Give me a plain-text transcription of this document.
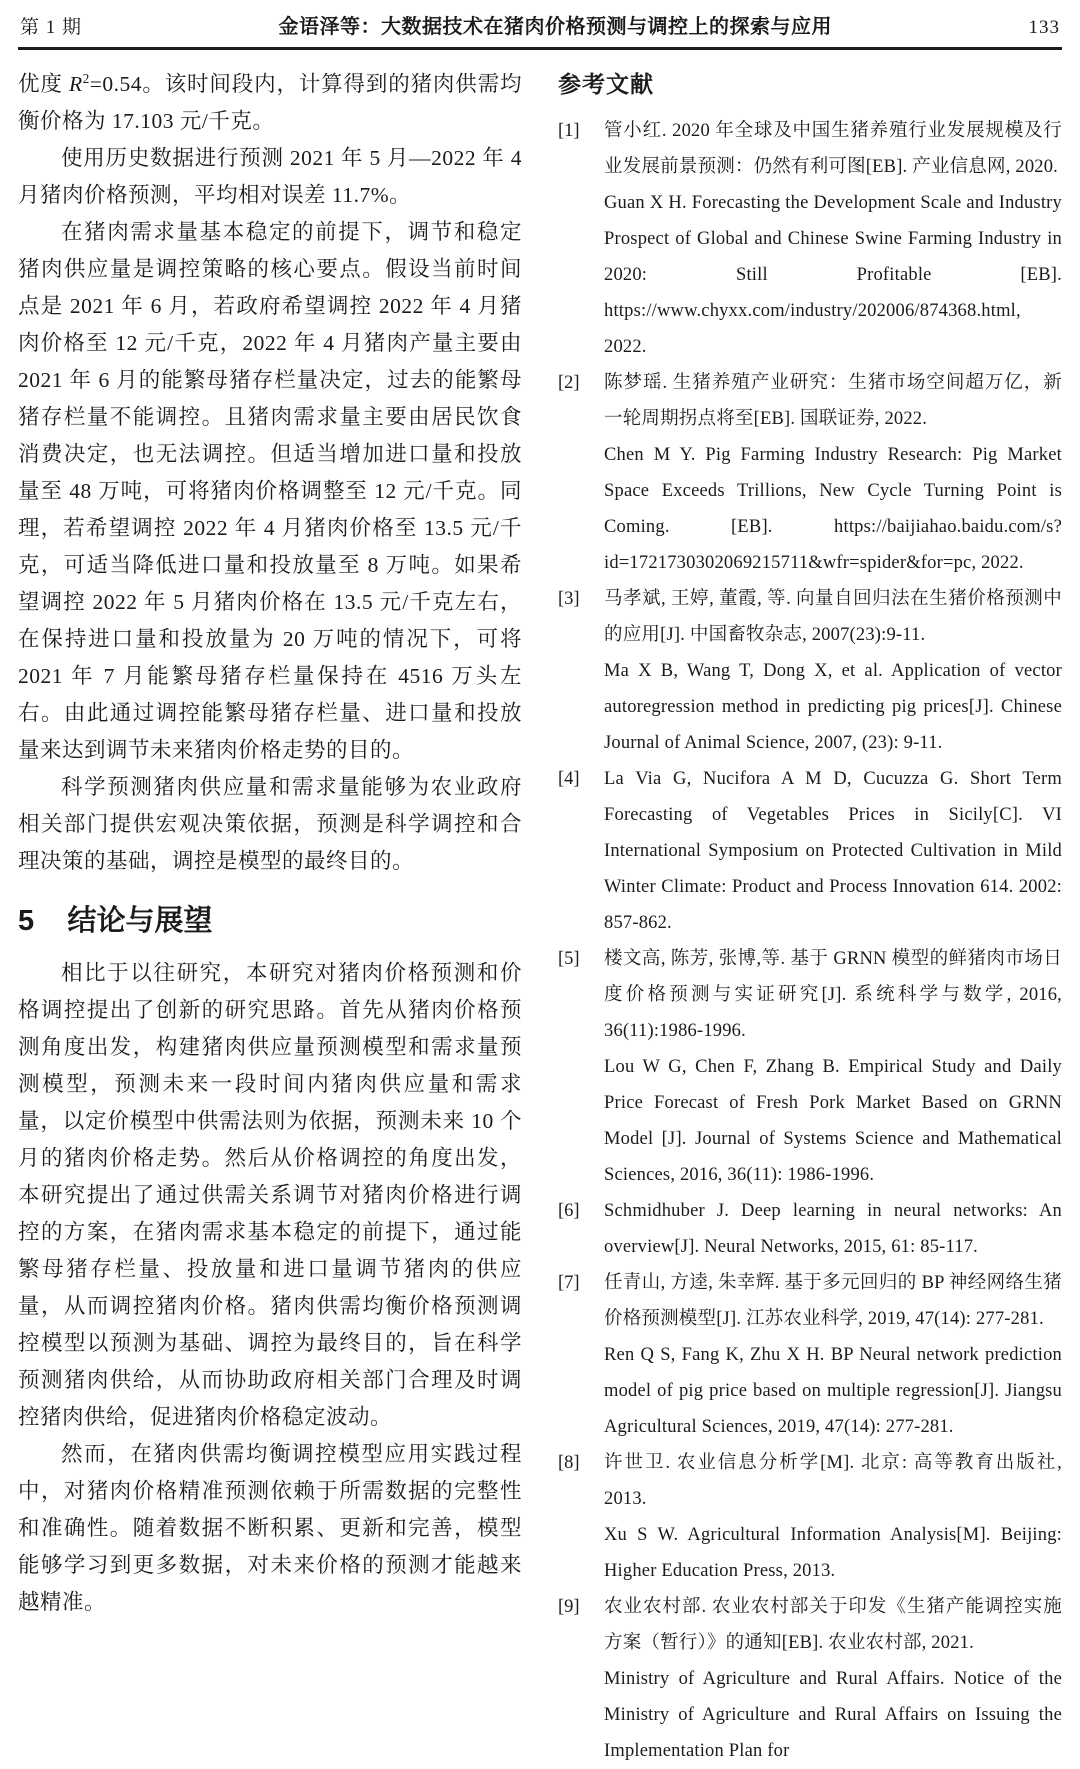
第 1 期	金语泽等：大数据技术在猪肉价格预测与调控上的探索与应用	133

优度 $R^2=0.54$。该时间段内，计算得到的猪肉供需均衡价格为 17.103 元/千克。

使用历史数据进行预测 2021 年 5 月—2022 年 4 月猪肉价格预测，平均相对误差 11.7%。

在猪肉需求量基本稳定的前提下，调节和稳定猪肉供应量是调控策略的核心要点。假设当前时间点是 2021 年 6 月，若政府希望调控 2022 年 4 月猪肉价格至 12 元/千克，2022 年 4 月猪肉产量主要由 2021 年 6 月的能繁母猪存栏量决定，过去的能繁母猪存栏量不能调控。且猪肉需求量主要由居民饮食消费决定，也无法调控。但适当增加进口量和投放量至 48 万吨，可将猪肉价格调整至 12 元/千克。同理，若希望调控 2022 年 4 月猪肉价格至 13.5 元/千克，可适当降低进口量和投放量至 8 万吨。如果希望调控 2022 年 5 月猪肉价格在 13.5 元/千克左右，在保持进口量和投放量为 20 万吨的情况下，可将 2021 年 7 月能繁母猪存栏量保持在 4516 万头左右。由此通过调控能繁母猪存栏量、进口量和投放量来达到调节未来猪肉价格走势的目的。

科学预测猪肉供应量和需求量能够为农业政府相关部门提供宏观决策依据，预测是科学调控和合理决策的基础，调控是模型的最终目的。

5 结论与展望

相比于以往研究，本研究对猪肉价格预测和价格调控提出了创新的研究思路。首先从猪肉价格预测角度出发，构建猪肉供应量预测模型和需求量预测模型，预测未来一段时间内猪肉供应量和需求量，以定价模型中供需法则为依据，预测未来 10 个月的猪肉价格走势。然后从价格调控的角度出发，本研究提出了通过供需关系调节对猪肉价格进行调控的方案，在猪肉需求基本稳定的前提下，通过能繁母猪存栏量、投放量和进口量调节猪肉的供应量，从而调控猪肉价格。猪肉供需均衡价格预测调控模型以预测为基础、调控为最终目的，旨在科学预测猪肉供给，从而协助政府相关部门合理及时调控猪肉供给，促进猪肉价格稳定波动。

然而，在猪肉供需均衡调控模型应用实践过程中，对猪肉价格精准预测依赖于所需数据的完整性和准确性。随着数据不断积累、更新和完善，模型能够学习到更多数据，对未来价格的预测才能越来越精准。

参考文献
[1] 管小红. 2020 年全球及中国生猪养殖行业发展规模及行业发展前景预测：仍然有利可图[EB]. 产业信息网, 2020.

Guan X H. Forecasting the Development Scale and Industry Prospect of Global and Chinese Swine Farming Industry in 2020: Still Profitable [EB]. https://www.chyxx.com/industry/202006/874368.html, 2022.

[2] 陈梦瑶. 生猪养殖产业研究：生猪市场空间超万亿，新一轮周期拐点将至[EB]. 国联证券, 2022.

Chen M Y. Pig Farming Industry Research: Pig Market Space Exceeds Trillions, New Cycle Turning Point is Coming. [EB]. https://baijiahao.baidu.com/s?id=1721730302069215711&wfr=spider&for=pc, 2022.

[3] 马孝斌, 王婷, 董霞, 等. 向量自回归法在生猪价格预测中的应用[J]. 中国畜牧杂志, 2007(23):9-11.

Ma X B, Wang T, Dong X, et al. Application of vector autoregression method in predicting pig prices[J]. Chinese Journal of Animal Science, 2007, (23): 9-11.

[4] La Via G, Nucifora A M D, Cucuzza G. Short Term Forecasting of Vegetables Prices in Sicily[C]. VI International Symposium on Protected Cultivation in Mild Winter Climate: Product and Process Innovation 614. 2002: 857-862.

[5] 楼文高, 陈芳, 张博,等. 基于 GRNN 模型的鲜猪肉市场日度价格预测与实证研究[J]. 系统科学与数学, 2016, 36(11):1986-1996.

Lou W G, Chen F, Zhang B. Empirical Study and Daily Price Forecast of Fresh Pork Market Based on GRNN Model [J]. Journal of Systems Science and Mathematical Sciences, 2016, 36(11): 1986-1996.

[6] Schmidhuber J. Deep learning in neural networks: An overview[J]. Neural Networks, 2015, 61: 85-117.

[7] 任青山, 方逵, 朱幸辉. 基于多元回归的 BP 神经网络生猪价格预测模型[J]. 江苏农业科学, 2019, 47(14): 277-281.

Ren Q S, Fang K, Zhu X H. BP Neural network prediction model of pig price based on multiple regression[J]. Jiangsu Agricultural Sciences, 2019, 47(14): 277-281.

[8] 许世卫. 农业信息分析学[M]. 北京: 高等教育出版社, 2013.

Xu S W. Agricultural Information Analysis[M]. Beijing: Higher Education Press, 2013.

[9] 农业农村部. 农业农村部关于印发《生猪产能调控实施方案（暂行）》的通知[EB]. 农业农村部, 2021.

Ministry of Agriculture and Rural Affairs. Notice of the Ministry of Agriculture and Rural Affairs on Issuing the Implementation Plan for
